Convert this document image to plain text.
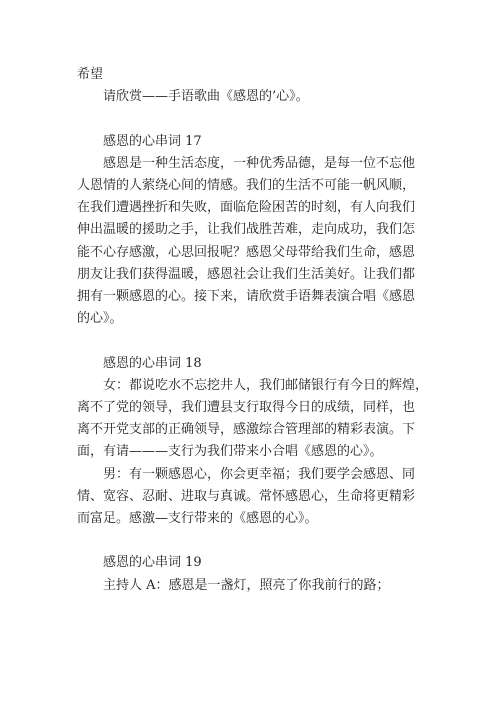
希望

请欣赏——手语歌曲《感恩的’心》。

感恩的心串词 17

感恩是一种生活态度，一种优秀品德，是每一位不忘他
人恩情的人萦绕心间的情感。我们的生活不可能一帆风顺，
在我们遭遇挫折和失败，面临危险困苦的时刻，有人向我们
伸出温暖的援助之手，让我们战胜苦难，走向成功，我们怎
能不心存感激，心思回报呢？感恩父母带给我们生命，感恩
朋友让我们获得温暖，感恩社会让我们生活美好。让我们都
拥有一颗感恩的心。接下来，请欣赏手语舞表演合唱《感恩
的心》。

感恩的心串词 18

女：都说吃水不忘挖井人，我们邮储银行有今日的辉煌，
离不了党的领导，我们遭县支行取得今日的成绩，同样，也
离不开党支部的正确领导，感激综合管理部的精彩表演。下
面，有请———支行为我们带来小合唱《感恩的心》。

男：有一颗感恩心，你会更幸福；我们要学会感恩、同
情、宽容、忍耐、进取与真诚。常怀感恩心，生命将更精彩
而富足。感激—支行带来的《感恩的心》。

感恩的心串词 19

主持人 A：感恩是一盏灯，照亮了你我前行的路；
